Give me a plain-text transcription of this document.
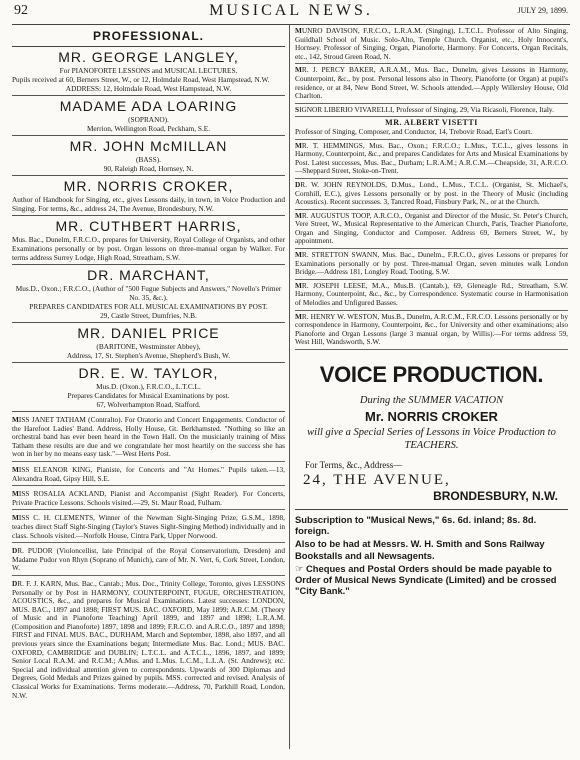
92	MUSICAL NEWS.	JULY 29, 1899.
PROFESSIONAL.
MR. GEORGE LANGLEY,
For PIANOFORTE LESSONS and MUSICAL LECTURES.
Pupils received at 60, Berners Street, W., or 12, Holmdale Road, West Hampstead, N.W.
ADDRESS: 12, Holmdale Road, West Hampstead, N.W.
MADAME ADA LOARING
(SOPRANO).
Merrion, Wellington Road, Peckham, S.E.
MR. JOHN McMILLAN
(BASS).
90, Raleigh Road, Hornsey, N.
MR. NORRIS CROKER,
Author of Handbook for Singing, etc., gives Lessons daily, in town, in Voice Production and Singing. For terms, &c., address 24, The Avenue, Brondesbury, N.W.
MR. CUTHBERT HARRIS,
Mus. Bac., Dunelm, F.R.C.O., prepares for University, Royal College of Organists, and other Examinations personally or by post. Organ lessons on three-manual organ by Walker. For terms address Surrey Lodge, High Road, Streatham, S.W.
DR. MARCHANT,
Mus.D., Oxon.; F.R.C.O., (Author of "500 Fugue Subjects and Answers," Novello's Primer No. 35, &c.).
PREPARES CANDIDATES FOR ALL MUSICAL EXAMINATIONS BY POST.
29, Castle Street, Dumfries, N.B.
MR. DANIEL PRICE
(BARITONE, Westminster Abbey),
Address, 17, St. Stephen's Avenue, Shepherd's Bush, W.
DR. E. W. TAYLOR,
Mus.D. (Oxon.), F.R.C.O., L.T.C.L.
Prepares Candidates for Musical Examinations by post.
67, Wolverhampton Road, Stafford.
MISS JANET TATHAM (Contralto). For Oratorio and Concert Engagements. Conductor of the Harefoot Ladies' Band. Address, Holly House, Gt. Berkhamsted. "Nothing so like an orchestral band has ever been heard in the Town Hall. On the musicianly training of Miss Tatham these results are due and we congratulate her most heartily on the success she has won in her by no means easy task."—West Herts Post.
MISS ELEANOR KING, Pianiste, for Concerts and "At Homes." Pupils taken.—13, Alexandra Road, Gipsy Hill, S.E.
MISS ROSALIA ACKLAND, Pianist and Accompanist (Sight Reader). For Concerts, Private Practice Lessons. Schools visited.—29, St. Maur Road, Fulham.
MISS C. H. CLEMENTS, Winner of the Newman Sight-Singing Prize, G.S.M., 1898, teaches direct Staff Sight-Singing (Taylor's Staves Sight-Singing Method) individually and in class. Schools visited.—Norfolk House, Cintra Park, Upper Norwood.
DR. PUDOR (Violoncellist, late Principal of the Royal Conservatorium, Dresden) and Madame Pudor von Rhyn (Soprano of Munich), care of Mr. N. Vert, 6, Cork Street, London, W.
DR. F. J. KARN, Mus. Bac., Cantab.; Mus. Doc., Trinity College, Toronto, gives LESSONS Personally or by Post in HARMONY, COUNTERPOINT, FUGUE, ORCHESTRATION, ACOUSTICS, &c., and prepares for Musical Examinations. Latest successes: LONDON, MUS. BAC., 1897 and 1898; FIRST MUS. BAC. OXFORD, May 1899; A.R.C.M. (Theory of Music and in Pianoforte Teaching) April 1899, and 1897 and 1898; L.R.A.M. (Composition and Pianoforte) 1897, 1898 and 1899; F.R.C.O. and A.R.C.O., 1897 and 1898; FIRST and FINAL MUS. BAC., DURHAM, March and September, 1898, also 1897, and all previous years since the Examinations began; Intermediate Mus. Bac. Lond.; MUS. BAC. OXFORD, CAMBRIDGE and DUBLIN; L.T.C.L. and A.T.C.L., 1896, 1897, and 1899; Senior Local R.A.M. and R.C.M.; A.Mus. and L.Mus. L.C.M., L.L.A. (St. Andrews); etc. Special and individual attention given to correspondents. Upwards of 300 Diplomas and Degrees, Gold Medals and Prizes gained by pupils. MSS. corrected and revised. Analysis of Classical Works for Examinations. Terms moderate.—Address, 70, Parkhill Road, London, N.W.
MUNRO DAVISON, F.R.C.O., L.R.A.M. (Singing), L.T.C.L. Professor of Alto Singing, Guildhall School of Music. Solo-Alto, Temple Church. Organist, etc., Holy Innocent's, Hornsey. Professor of Singing, Organ, Pianoforte, Harmony. For Concerts, Organ Recitals, etc., 142, Stroud Green Road, N.
MR. J. PERCY BAKER, A.R.A.M., Mus. Bac., Dunelm, gives Lessons in Harmony, Counterpoint, &c., by post. Personal lessons also in Theory, Pianoforte (or Organ) at pupil's residence, or at 84, New Bond Street, W. Schools attended.—Apply Willersley House, Old Charlton.
SIGNOR LIBERIO VIVARELLI, Professor of Singing, 29, Via Ricasoli, Florence, Italy.
MR. ALBERT VISETTI
Professor of Singing, Composer, and Conductor, 14, Trebovir Road, Earl's Court.
MR. T. HEMMINGS, Mus. Bac., Oxon.; F.R.C.O.; L.Mus., T.C.L., gives lessons in Harmony, Counterpoint, &c., and prepares Candidates for Arts and Musical Examinations by Post. Latest successes, Mus. Bac., Durham; L.R.A.M.; A.R.C.M.—Cheapside, 31, A.R.C.O.—Sheppard Street, Stoke-on-Trent.
DR. W. JOHN REYNOLDS, D.Mus., Lond., L.Mus., T.C.L. (Organist, St. Michael's, Cornhill, E.C.), gives Lessons personally or by post. in the Theory of Music (including Acoustics). Recent successes. 3, Tancred Road, Finsbury Park, N., or at the Church.
MR. AUGUSTUS TOOP, A.R.C.O., Organist and Director of the Music, St. Peter's Church, Vere Street, W., Musical Representative to the American Church, Paris, Teacher Pianoforte, Organ and Singing, Conductor and Composer. Address 69, Berners Street, W., by appointment.
MR. STRETTON SWANN, Mus. Bac., Dunelm., F.R.C.O., gives Lessons or prepares for Examinations personally or by post. Three-manual Organ, seven minutes walk London Bridge.—Address 181, Longley Road, Tooting, S.W.
MR. JOSEPH LEESE, M.A., Mus.B. (Cantab.), 69, Gleneagle Rd., Streatham, S.W. Harmony, Counterpoint, &c., &c., by Correspondence. Systematic course in Harmonisation of Melodies and Unfigured Basses.
MR. HENRY W. WESTON, Mus.B., Dunelm, A.R.C.M., F.R.C.O. Lessons personally or by correspondence in Harmony, Counterpoint, &c., for University and other examinations; also Pianoforte and Organ Lessons (large 3 manual organ, by Willis).—For terms address 59, West Hill, Wandsworth, S.W.
VOICE PRODUCTION.
During the SUMMER VACATION
Mr. NORRIS CROKER
will give a Special Series of Lessons in Voice Production to TEACHERS.
For Terms, &c., Address—
24, THE AVENUE,
BRONDESBURY, N.W.

Subscription to "Musical News," 6s. 6d. inland; 8s. 8d. foreign.

Also to be had at Messrs. W. H. Smith and Sons Railway Bookstalls and all Newsagents.

☞ Cheques and Postal Orders should be made payable to Order of Musical News Syndicate (Limited) and be crossed "City Bank."
